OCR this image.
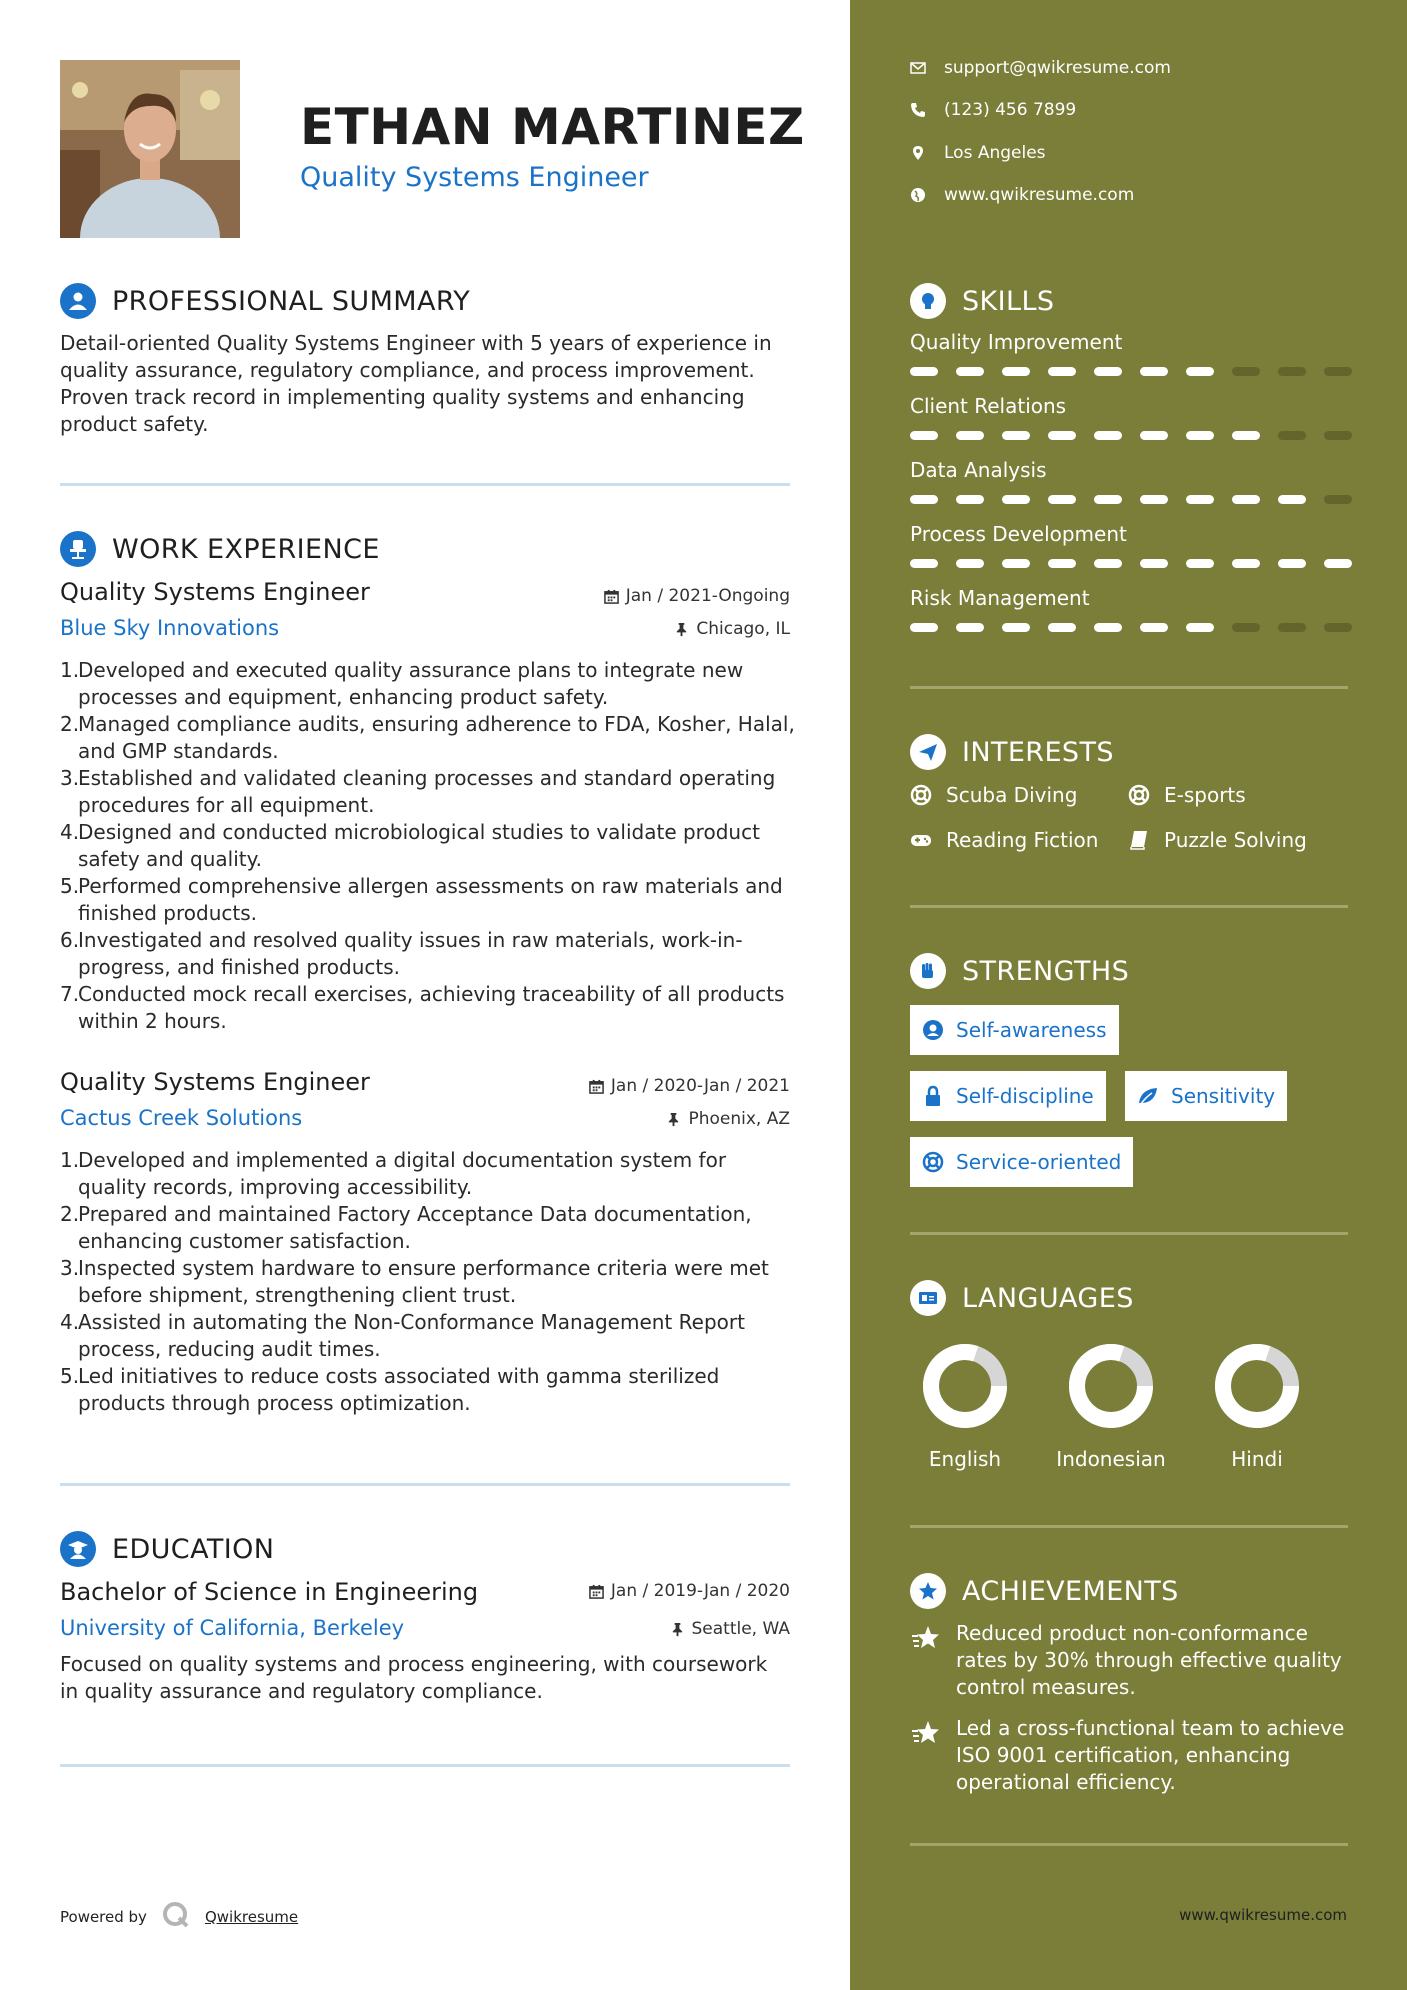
ETHAN MARTINEZ
Quality Systems Engineer
PROFESSIONAL SUMMARY
Detail-oriented Quality Systems Engineer with 5 years of experience in quality assurance, regulatory compliance, and process improvement. Proven track record in implementing quality systems and enhancing product safety.
WORK EXPERIENCE
Quality Systems Engineer	Jan / 2021-Ongoing
Blue Sky Innovations	Chicago, IL
1.
Developed and executed quality assurance plans to integrate new processes and equipment, enhancing product safety.
2.
Managed compliance audits, ensuring adherence to FDA, Kosher, Halal, and GMP standards.
3.
Established and validated cleaning processes and standard operating procedures for all equipment.
4.
Designed and conducted microbiological studies to validate product safety and quality.
5.
Performed comprehensive allergen assessments on raw materials and finished products.
6.
Investigated and resolved quality issues in raw materials, work-in-progress, and finished products.
7.
Conducted mock recall exercises, achieving traceability of all products within 2 hours.
Quality Systems Engineer	Jan / 2020-Jan / 2021
Cactus Creek Solutions	Phoenix, AZ
1.
Developed and implemented a digital documentation system for quality records, improving accessibility.
2.
Prepared and maintained Factory Acceptance Data documentation, enhancing customer satisfaction.
3.
Inspected system hardware to ensure performance criteria were met before shipment, strengthening client trust.
4.
Assisted in automating the Non-Conformance Management Report process, reducing audit times.
5.
Led initiatives to reduce costs associated with gamma sterilized products through process optimization.
EDUCATION
Bachelor of Science in Engineering	Jan / 2019-Jan / 2020
University of California, Berkeley	Seattle, WA
Focused on quality systems and process engineering, with coursework in quality assurance and regulatory compliance.
Powered by	Qwikresume
support@qwikresume.com
(123) 456 7899
Los Angeles
www.qwikresume.com
SKILLS
Quality Improvement
Client Relations
Data Analysis
Process Development
Risk Management
INTERESTS
Scuba Diving	E-sports
Reading Fiction	Puzzle Solving
STRENGTHS
Self-awareness
Self-discipline	Sensitivity
Service-oriented
LANGUAGES
English	Indonesian	Hindi
ACHIEVEMENTS
Reduced product non-conformance rates by 30% through effective quality control measures.
Led a cross-functional team to achieve ISO 9001 certification, enhancing operational efficiency.
www.qwikresume.com
